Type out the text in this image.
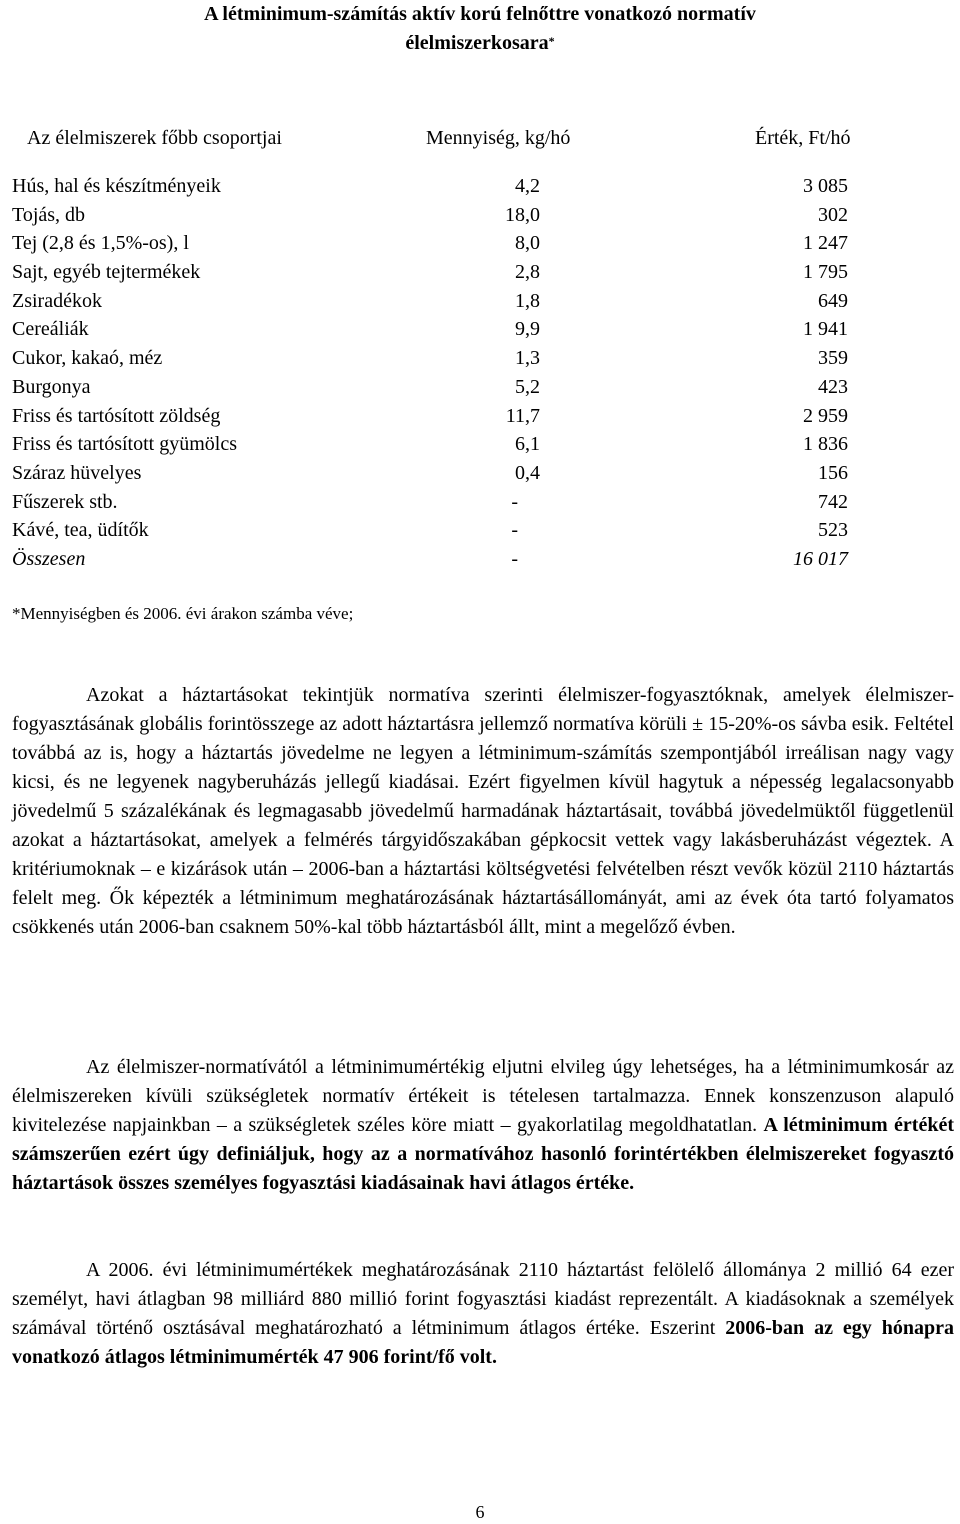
A létminimum-számítás aktív korú felnőttre vonatkozó normatív
élelmiszerkosara*
Az élelmiszerek főbb csoportjai	Mennyiség, kg/hó	Érték, Ft/hó
Hús, hal és készítményeik	4,2	3 085
Tojás, db	18,0	302
Tej (2,8 és 1,5%-os), l	8,0	1 247
Sajt, egyéb tejtermékek	2,8	1 795
Zsiradékok	1,8	649
Cereáliák	9,9	1 941
Cukor, kakaó, méz	1,3	359
Burgonya	5,2	423
Friss és tartósított zöldség	11,7	2 959
Friss és tartósított gyümölcs	6,1	1 836
Száraz hüvelyes	0,4	156
Fűszerek stb.	-	742
Kávé, tea, üdítők	-	523
Összesen	-	16 017
*Mennyiségben és 2006. évi árakon számba véve;
Azokat a háztartásokat tekintjük normatíva szerinti élelmiszer-fogyasztóknak, amelyek élelmiszer-fogyasztásának globális forintösszege az adott háztartásra jellemző normatíva körüli ± 15-20%-os sávba esik. Feltétel továbbá az is, hogy a háztartás jövedelme ne legyen a létminimum-számítás szempontjából irreálisan nagy vagy kicsi, és ne legyenek nagyberuházás jellegű kiadásai. Ezért figyelmen kívül hagytuk a népesség legalacsonyabb jövedelmű 5 százalékának és legmagasabb jövedelmű harmadának háztartásait, továbbá jövedelmüktől függetlenül azokat a háztartásokat, amelyek a felmérés tárgyidőszakában gépkocsit vettek vagy lakásberuházást végeztek. A kritériumoknak – e kizárások után – 2006-ban a háztartási költségvetési felvételben részt vevők közül 2110 háztartás felelt meg. Ők képezték a létminimum meghatározásának háztartásállományát, ami az évek óta tartó folyamatos csökkenés után 2006-ban csaknem 50%-kal több háztartásból állt, mint a megelőző évben.
Az élelmiszer-normatívától a létminimumértékig eljutni elvileg úgy lehetséges, ha a létminimumkosár az élelmiszereken kívüli szükségletek normatív értékeit is tételesen tartalmazza. Ennek konszenzuson alapuló kivitelezése napjainkban – a szükségletek széles köre miatt – gyakorlatilag megoldhatatlan. A létminimum értékét számszerűen ezért úgy definiáljuk, hogy az a normatívához hasonló forintértékben élelmiszereket fogyasztó háztartások összes személyes fogyasztási kiadásainak havi átlagos értéke.
A 2006. évi létminimumértékek meghatározásának 2110 háztartást felölelő állománya 2 millió 64 ezer személyt, havi átlagban 98 milliárd 880 millió forint fogyasztási kiadást reprezentált. A kiadásoknak a személyek számával történő osztásával meghatározható a létminimum átlagos értéke. Eszerint 2006-ban az egy hónapra vonatkozó átlagos létminimumérték 47 906 forint/fő volt.
6
